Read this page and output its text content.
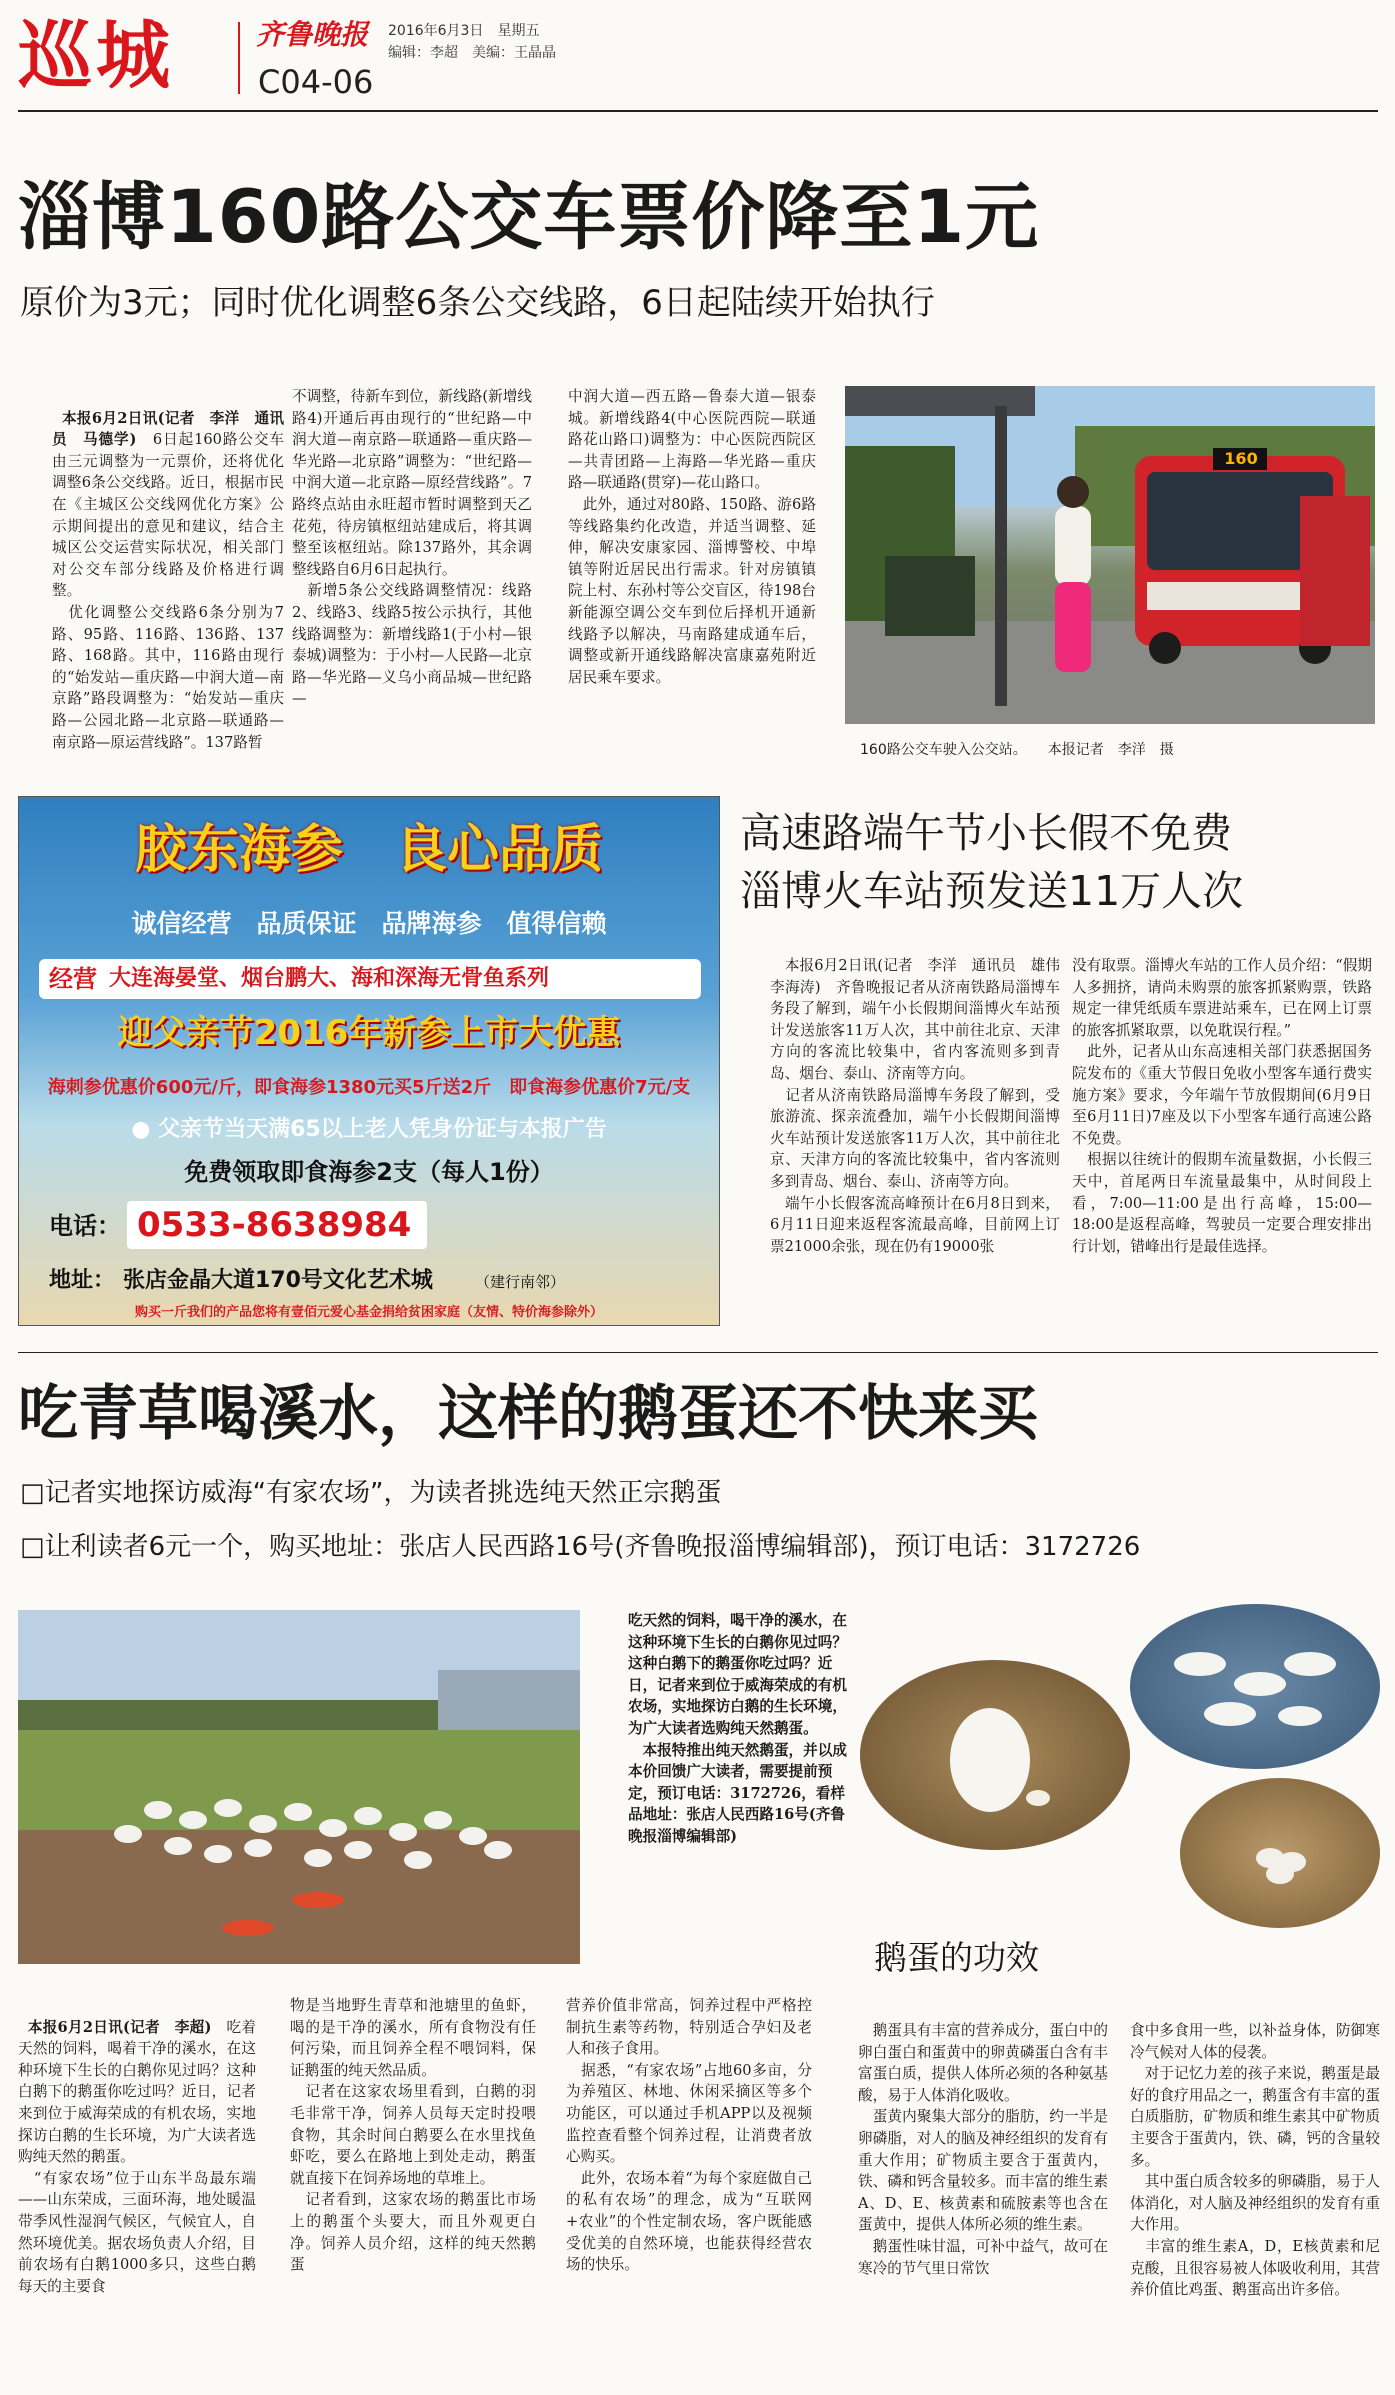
巡城	齐鲁晚报
C04-06
2016年6月3日　星期五
编辑：李超　美编：王晶晶
淄博160路公交车票价降至1元
原价为3元；同时优化调整6条公交线路，6日起陆续开始执行

本报6月2日讯(记者　李洋　通讯员　马德学)　6日起160路公交车由三元调整为一元票价，还将优化调整6条公交线路。近日，根据市民在《主城区公交线网优化方案》公示期间提出的意见和建议，结合主城区公交运营实际状况，相关部门对公交车部分线路及价格进行调整。
　优化调整公交线路6条分别为7路、95路、116路、136路、137路、168路。其中，116路由现行的“始发站—重庆路—中润大道—南京路”路段调整为：“始发站—重庆路—公园北路—北京路—联通路—南京路—原运营线路”。137路暂

不调整，待新车到位，新线路(新增线路4)开通后再由现行的“世纪路—中润大道—南京路—联通路—重庆路—华光路—北京路”调整为：“世纪路—中润大道—北京路—原经营线路”。7路终点站由永旺超市暂时调整到天乙花苑，待房镇枢纽站建成后，将其调整至该枢纽站。除137路外，其余调整线路自6月6日起执行。
　新增5条公交线路调整情况：线路2、线路3、线路5按公示执行，其他线路调整为：新增线路1(于小村—银泰城)调整为：于小村—人民路—北京路—华光路—义乌小商品城—世纪路—
中润大道—西五路—鲁泰大道—银泰城。新增线路4(中心医院西院—联通路花山路口)调整为：中心医院西院区—共青团路—上海路—华光路—重庆路—联通路(贯穿)—花山路口。
　此外，通过对80路、150路、游6路等线路集约化改造，并适当调整、延伸，解决安康家园、淄博警校、中埠镇等附近居民出行需求。针对房镇镇院上村、东孙村等公交盲区，待198台新能源空调公交车到位后择机开通新线路予以解决，马南路建成通车后，调整或新开通线路解决富康嘉苑附近居民乘车要求。
160
160路公交车驶入公交站。　　本报记者　李洋　摄
胶东海参　良心品质
诚信经营　品质保证　品牌海参　值得信赖
经营 大连海晏堂、烟台鹏大、海和深海无骨鱼系列
迎父亲节2016年新参上市大优惠
海刺参优惠价600元/斤，即食海参1380元买5斤送2斤　即食海参优惠价7元/支
● 父亲节当天满65以上老人凭身份证与本报广告
免费领取即食海参2支（每人1份）
电话： 0533-8638984
地址： 张店金晶大道170号文化艺术城	（建行南邻）
购买一斤我们的产品您将有壹佰元爱心基金捐给贫困家庭（友情、特价海参除外）
高速路端午节小长假不免费
淄博火车站预发送11万人次
　本报6月2日讯(记者　李洋　通讯员　雄伟　李海涛)　齐鲁晚报记者从济南铁路局淄博车务段了解到，端午小长假期间淄博火车站预计发送旅客11万人次，其中前往北京、天津方向的客流比较集中，省内客流则多到青岛、烟台、泰山、济南等方向。
　记者从济南铁路局淄博车务段了解到，受旅游流、探亲流叠加，端午小长假期间淄博火车站预计发送旅客11万人次，其中前往北京、天津方向的客流比较集中，省内客流则多到青岛、烟台、泰山、济南等方向。
　端午小长假客流高峰预计在6月8日到来，6月11日迎来返程客流最高峰，目前网上订票21000余张，现在仍有19000张
没有取票。淄博火车站的工作人员介绍：“假期人多拥挤，请尚未购票的旅客抓紧购票，铁路规定一律凭纸质车票进站乘车，已在网上订票的旅客抓紧取票，以免耽误行程。”
　此外，记者从山东高速相关部门获悉据国务院发布的《重大节假日免收小型客车通行费实施方案》要求，今年端午节放假期间(6月9日至6月11日)7座及以下小型客车通行高速公路不免费。
　根据以往统计的假期车流量数据，小长假三天中，首尾两日车流量最集中，从时间段上看，7:00—11:00是出行高峰，15:00—18:00是返程高峰，驾驶员一定要合理安排出行计划，错峰出行是最佳选择。
吃青草喝溪水，这样的鹅蛋还不快来买
□记者实地探访威海“有家农场”，为读者挑选纯天然正宗鹅蛋
□让利读者6元一个，购买地址：张店人民西路16号(齐鲁晚报淄博编辑部)，预订电话：3172726
吃天然的饲料，喝干净的溪水，在这种环境下生长的白鹅你见过吗？这种白鹅下的鹅蛋你吃过吗？近日，记者来到位于威海荣成的有机农场，实地探访白鹅的生长环境，为广大读者选购纯天然鹅蛋。
　本报特推出纯天然鹅蛋，并以成本价回馈广大读者，需要提前预定，预订电话：3172726，看样品地址：张店人民西路16号(齐鲁晚报淄博编辑部)
鹅蛋的功效

本报6月2日讯(记者　李超)　吃着天然的饲料，喝着干净的溪水，在这种环境下生长的白鹅你见过吗？这种白鹅下的鹅蛋你吃过吗？近日，记者来到位于威海荣成的有机农场，实地探访白鹅的生长环境，为广大读者选购纯天然的鹅蛋。
　“有家农场”位于山东半岛最东端——山东荣成，三面环海，地处暖温带季风性湿润气候区，气候宜人，自然环境优美。据农场负责人介绍，目前农场有白鹅1000多只，这些白鹅每天的主要食

物是当地野生青草和池塘里的鱼虾，喝的是干净的溪水，所有食物没有任何污染，而且饲养全程不喂饲料，保证鹅蛋的纯天然品质。
　记者在这家农场里看到，白鹅的羽毛非常干净，饲养人员每天定时投喂食物，其余时间白鹅要么在水里找鱼虾吃，要么在路地上到处走动，鹅蛋就直接下在饲养场地的草堆上。
　记者看到，这家农场的鹅蛋比市场上的鹅蛋个头要大，而且外观更白净。饲养人员介绍，这样的纯天然鹅蛋
营养价值非常高，饲养过程中严格控制抗生素等药物，特别适合孕妇及老人和孩子食用。
　据悉，“有家农场”占地60多亩，分为养殖区、林地、休闲采摘区等多个功能区，可以通过手机APP以及视频监控查看整个饲养过程，让消费者放心购买。
　此外，农场本着“为每个家庭做自己的私有农场”的理念，成为“互联网+农业”的个性定制农场，客户既能感受优美的自然环境，也能获得经营农场的快乐。
　鹅蛋具有丰富的营养成分，蛋白中的卵白蛋白和蛋黄中的卵黄磷蛋白含有丰富蛋白质，提供人体所必须的各种氨基酸，易于人体消化吸收。
　蛋黄内聚集大部分的脂肪，约一半是卵磷脂，对人的脑及神经组织的发育有重大作用；矿物质主要含于蛋黄内，铁、磷和钙含量较多。而丰富的维生素A、D、E、核黄素和硫胺素等也含在蛋黄中，提供人体所必须的维生素。
　鹅蛋性味甘温，可补中益气，故可在寒冷的节气里日常饮
食中多食用一些，以补益身体，防御寒冷气候对人体的侵袭。
　对于记忆力差的孩子来说，鹅蛋是最好的食疗用品之一，鹅蛋含有丰富的蛋白质脂肪，矿物质和维生素其中矿物质主要含于蛋黄内，铁、磷，钙的含量较多。
　其中蛋白质含较多的卵磷脂，易于人体消化，对人脑及神经组织的发育有重大作用。
　丰富的维生素A，D，E核黄素和尼克酸，且很容易被人体吸收利用，其营养价值比鸡蛋、鹅蛋高出许多倍。
